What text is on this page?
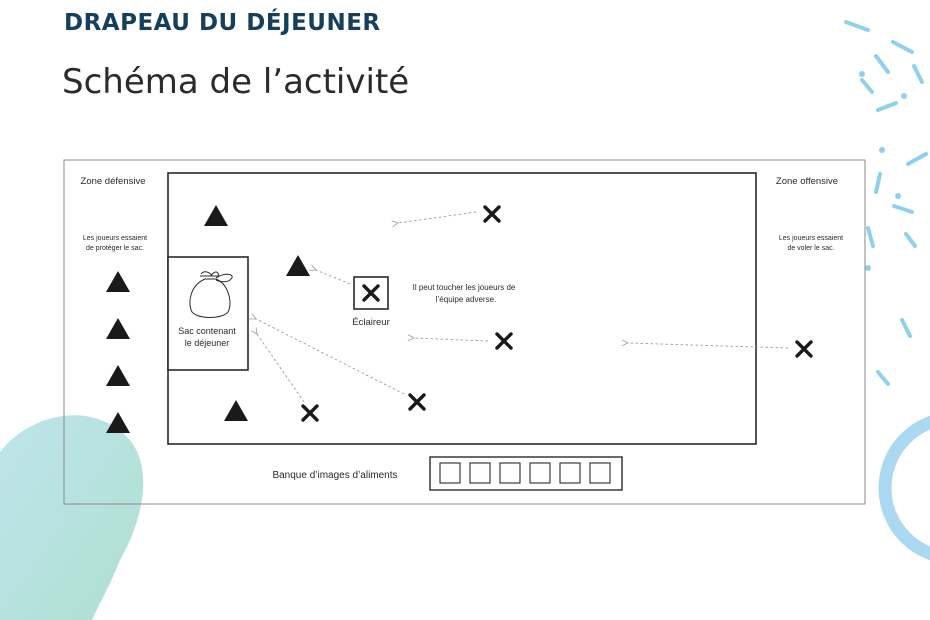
DRAPEAU DU DÉJEUNER
Schéma de l’activité
Zone défensive
Les joueurs essaient
de protéger le sac.
Zone offensive
Les joueurs essaient
de voler le sac.
Sac contenant
le déjeuner
Éclaireur
Il peut toucher les joueurs de
l’équipe adverse.
Banque d’images d’aliments
